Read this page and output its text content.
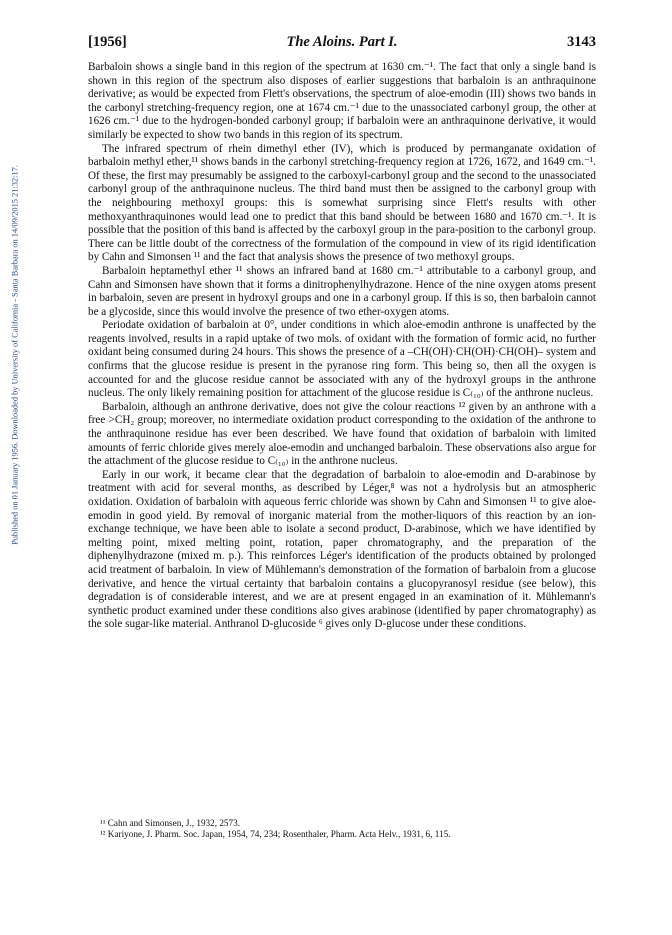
[1956]	The Aloins. Part I.	3143
Published on 01 January 1956. Downloaded by University of California - Santa Barbara on 14/09/2015 21:32:17.

Barbaloin shows a single band in this region of the spectrum at 1630 cm.⁻¹. The fact that only a single band is shown in this region of the spectrum also disposes of earlier suggestions that barbaloin is an anthraquinone derivative; as would be expected from Flett's observations, the spectrum of aloe-emodin (III) shows two bands in the carbonyl stretching-frequency region, one at 1674 cm.⁻¹ due to the unassociated carbonyl group, the other at 1626 cm.⁻¹ due to the hydrogen-bonded carbonyl group; if barbaloin were an anthraquinone derivative, it would similarly be expected to show two bands in this region of its spectrum.

The infrared spectrum of rhein dimethyl ether (IV), which is produced by permanganate oxidation of barbaloin methyl ether,¹¹ shows bands in the carbonyl stretching-frequency region at 1726, 1672, and 1649 cm.⁻¹. Of these, the first may presumably be assigned to the carboxyl-carbonyl group and the second to the unassociated carbonyl group of the anthraquinone nucleus. The third band must then be assigned to the carbonyl group with the neighbouring methoxyl groups: this is somewhat surprising since Flett's results with other methoxyanthraquinones would lead one to predict that this band should be between 1680 and 1670 cm.⁻¹. It is possible that the position of this band is affected by the carboxyl group in the para-position to the carbonyl group. There can be little doubt of the correctness of the formulation of the compound in view of its rigid identification by Cahn and Simonsen ¹¹ and the fact that analysis shows the presence of two methoxyl groups.

Barbaloin heptamethyl ether ¹¹ shows an infrared band at 1680 cm.⁻¹ attributable to a carbonyl group, and Cahn and Simonsen have shown that it forms a dinitrophenylhydrazone. Hence of the nine oxygen atoms present in barbaloin, seven are present in hydroxyl groups and one in a carbonyl group. If this is so, then barbaloin cannot be a glycoside, since this would involve the presence of two ether-oxygen atoms.

Periodate oxidation of barbaloin at 0°, under conditions in which aloe-emodin anthrone is unaffected by the reagents involved, results in a rapid uptake of two mols. of oxidant with the formation of formic acid, no further oxidant being consumed during 24 hours. This shows the presence of a –CH(OH)·CH(OH)·CH(OH)– system and confirms that the glucose residue is present in the pyranose ring form. This being so, then all the oxygen is accounted for and the glucose residue cannot be associated with any of the hydroxyl groups in the anthrone nucleus. The only likely remaining position for attachment of the glucose residue is C₍₁₀₎ of the anthrone nucleus.

Barbaloin, although an anthrone derivative, does not give the colour reactions ¹² given by an anthrone with a free >CH₂ group; moreover, no intermediate oxidation product corresponding to the oxidation of the anthrone to the anthraquinone residue has ever been described. We have found that oxidation of barbaloin with limited amounts of ferric chloride gives merely aloe-emodin and unchanged barbaloin. These observations also argue for the attachment of the glucose residue to C₍₁₀₎ in the anthrone nucleus.

Early in our work, it became clear that the degradation of barbaloin to aloe-emodin and D-arabinose by treatment with acid for several months, as described by Léger,⁸ was not a hydrolysis but an atmospheric oxidation. Oxidation of barbaloin with aqueous ferric chloride was shown by Cahn and Simonsen ¹¹ to give aloe-emodin in good yield. By removal of inorganic material from the mother-liquors of this reaction by an ion-exchange technique, we have been able to isolate a second product, D-arabinose, which we have identified by melting point, mixed melting point, rotation, paper chromatography, and the preparation of the diphenylhydrazone (mixed m. p.). This reinforces Léger's identification of the products obtained by prolonged acid treatment of barbaloin. In view of Mühlemann's demonstration of the formation of barbaloin from a glucose derivative, and hence the virtual certainty that barbaloin contains a glucopyranosyl residue (see below), this degradation is of considerable interest, and we are at present engaged in an examination of it. Mühlemann's synthetic product examined under these conditions also gives arabinose (identified by paper chromatography) as the sole sugar-like material. Anthranol D-glucoside ⁶ gives only D-glucose under these conditions.

¹¹ Cahn and Simonsen, J., 1932, 2573.

¹² Kariyone, J. Pharm. Soc. Japan, 1954, 74, 234; Rosenthaler, Pharm. Acta Helv., 1931, 6, 115.
